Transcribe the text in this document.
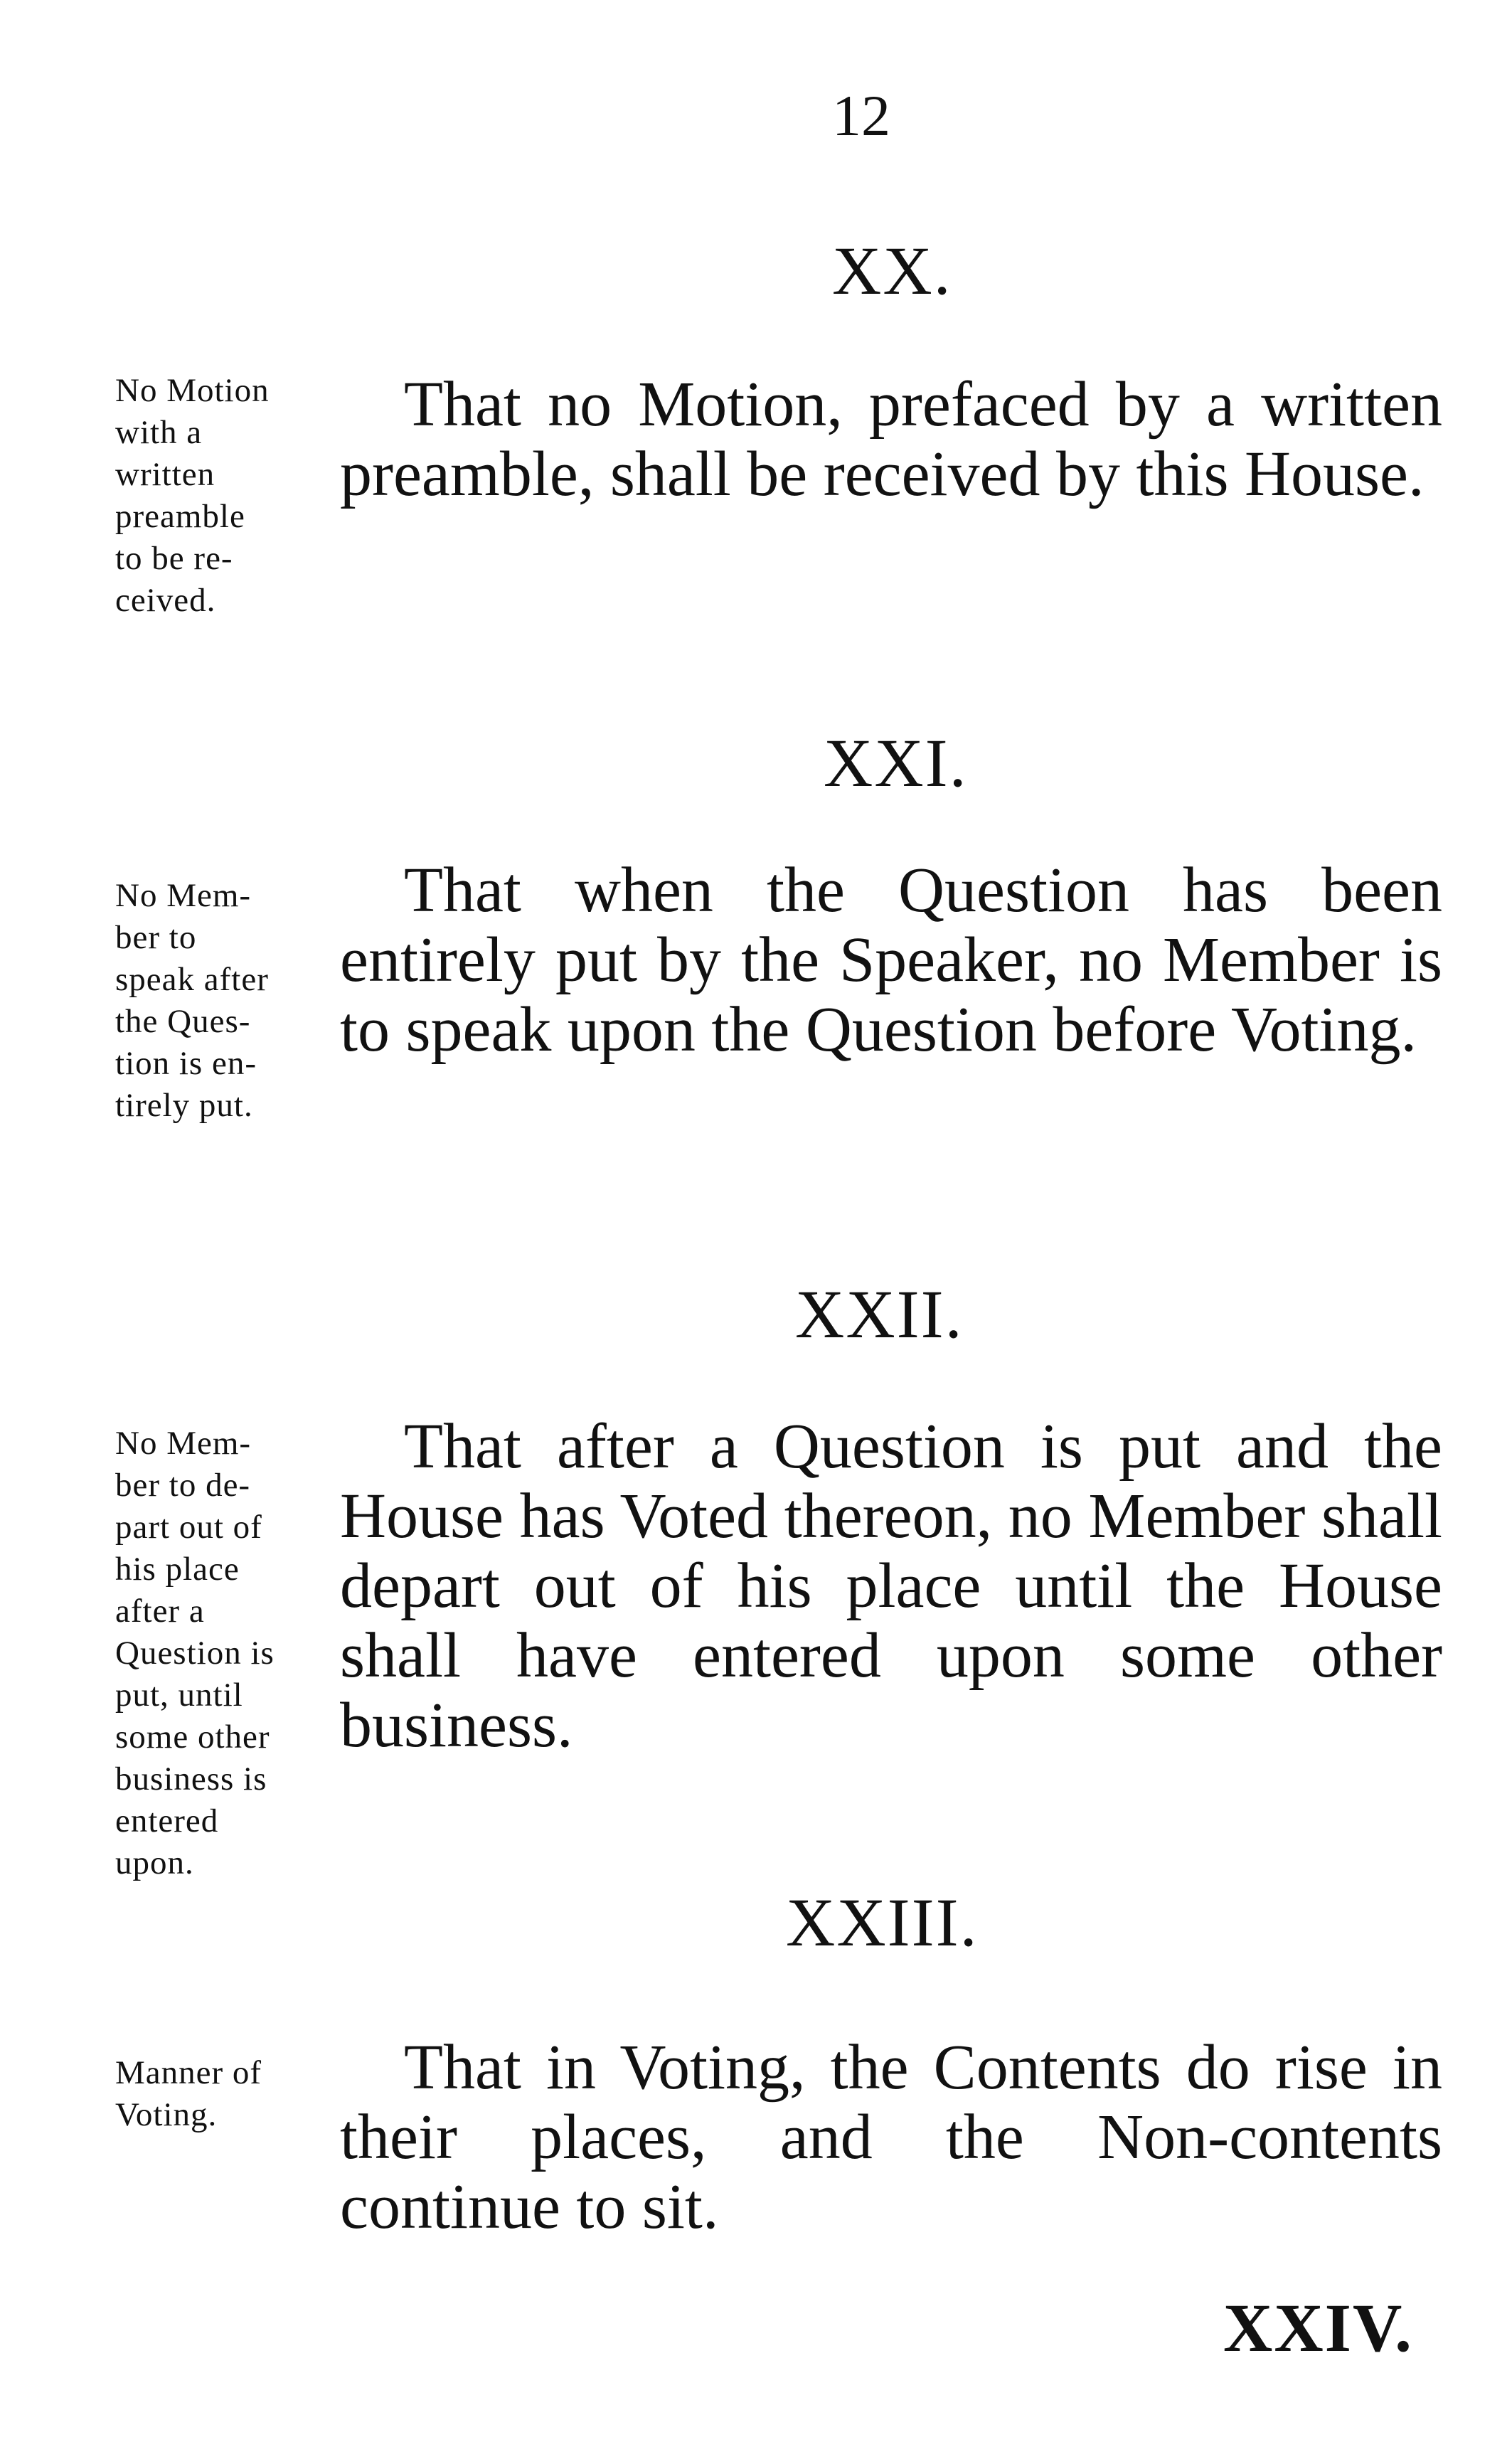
12
XX.
No Motion
with a
written
preamble
to be re-
ceived.
That no Motion, prefaced by a written preamble, shall be received by this House.
XXI.
No Mem-
ber to
speak after
the Ques-
tion is en-
tirely put.
That when the Question has been entirely put by the Speaker, no Member is to speak upon the Question before Voting.
XXII.
No Mem-
ber to de-
part out of
his place
after a
Question is
put, until
some other
business is
entered
upon.
That after a Question is put and the House has Voted thereon, no Member shall depart out of his place until the House shall have entered upon some other business.
XXIII.
Manner of
Voting.
That in Voting, the Contents do rise in their places, and the Non-contents continue to sit.
XXIV.
